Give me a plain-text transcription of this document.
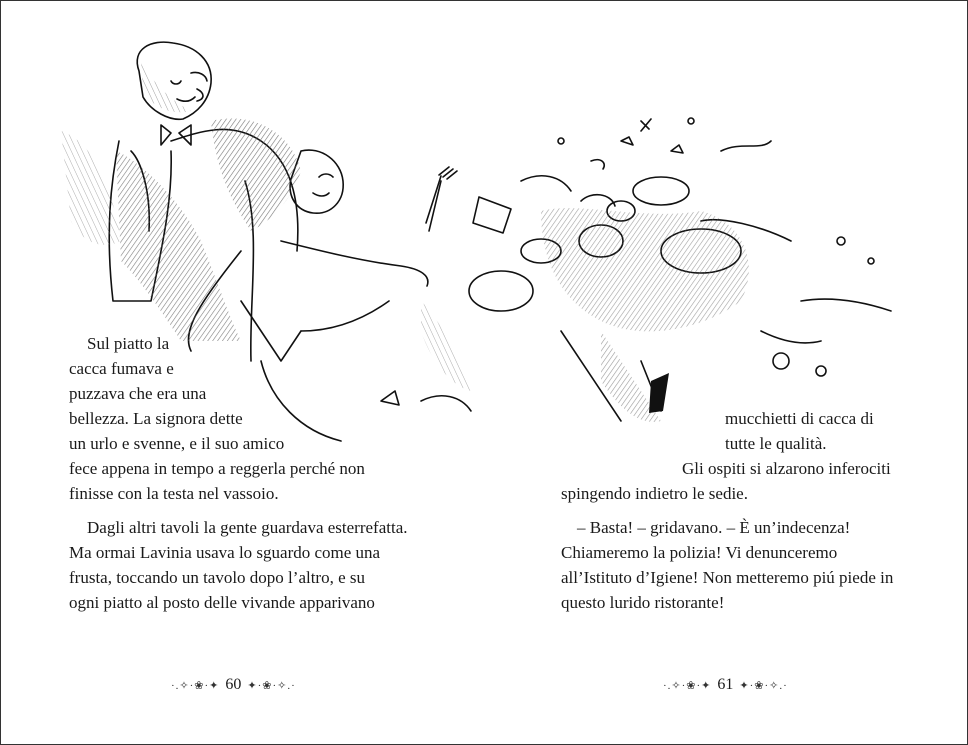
Sul piatto la
cacca fumava e
puzzava che era una
bellezza. La signora dette
un urlo e svenne, e il suo amico
fece appena in tempo a reggerla perché non
finisse con la testa nel vassoio.
Dagli altri tavoli la gente guardava esterrefatta.
Ma ormai Lavinia usava lo sguardo come una
frusta, toccando un tavolo dopo l’altro, e su
ogni piatto al posto delle vivande apparivano
mucchietti di cacca di
tutte le qualità.
Gli ospiti si alzarono inferociti
spingendo indietro le sedie.
– Basta! – gridavano. – È un’indecenza!
Chiameremo la polizia! Vi denunceremo
all’Istituto d’Igiene! Non metteremo piú piede in
questo lurido ristorante!
·.✧·❀·✦ 60 ✦·❀·✧.·	·.✧·❀·✦ 61 ✦·❀·✧.·
